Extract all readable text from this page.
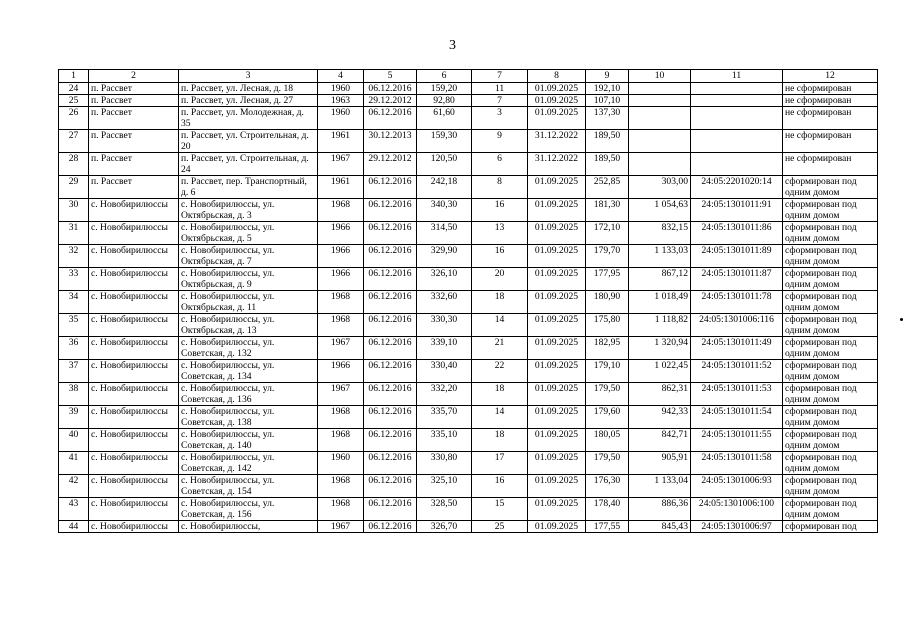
3
1	2	3	4	5	6	7	8	9	10	11	12
24	п. Рассвет	п. Рассвет, ул. Лесная, д. 18	1960	06.12.2016	159,20	11	01.09.2025	192,10			не сформирован
25	п. Рассвет	п. Рассвет, ул. Лесная, д. 27	1963	29.12.2012	92,80	7	01.09.2025	107,10			не сформирован
26	п. Рассвет	п. Рассвет, ул. Молодежная, д. 35	1960	06.12.2016	61,60	3	01.09.2025	137,30			не сформирован
27	п. Рассвет	п. Рассвет, ул. Строительная, д. 20	1961	30.12.2013	159,30	9	31.12.2022	189,50			не сформирован
28	п. Рассвет	п. Рассвет, ул. Строительная, д. 24	1967	29.12.2012	120,50	6	31.12.2022	189,50			не сформирован
29	п. Рассвет	п. Рассвет, пер. Транспортный, д. 6	1961	06.12.2016	242,18	8	01.09.2025	252,85	303,00	24:05:2201020:14	сформирован под одним домом
30	с. Новобирилюссы	с. Новобирилюссы, ул. Октябрьская, д. 3	1968	06.12.2016	340,30	16	01.09.2025	181,30	1 054,63	24:05:1301011:91	сформирован под одним домом
31	с. Новобирилюссы	с. Новобирилюссы, ул. Октябрьская, д. 5	1966	06.12.2016	314,50	13	01.09.2025	172,10	832,15	24:05:1301011:86	сформирован под одним домом
32	с. Новобирилюссы	с. Новобирилюссы, ул. Октябрьская, д. 7	1966	06.12.2016	329,90	16	01.09.2025	179,70	1 133,03	24:05:1301011:89	сформирован под одним домом
33	с. Новобирилюссы	с. Новобирилюссы, ул. Октябрьская, д. 9	1966	06.12.2016	326,10	20	01.09.2025	177,95	867,12	24:05:1301011:87	сформирован под одним домом
34	с. Новобирилюссы	с. Новобирилюссы, ул. Октябрьская, д. 11	1968	06.12.2016	332,60	18	01.09.2025	180,90	1 018,49	24:05:1301011:78	сформирован под одним домом
35	с. Новобирилюссы	с. Новобирилюссы, ул. Октябрьская, д. 13	1968	06.12.2016	330,30	14	01.09.2025	175,80	1 118,82	24:05:1301006:116	сформирован под одним домом
36	с. Новобирилюссы	с. Новобирилюссы, ул. Советская, д. 132	1967	06.12.2016	339,10	21	01.09.2025	182,95	1 320,94	24:05:1301011:49	сформирован под одним домом
37	с. Новобирилюссы	с. Новобирилюссы, ул. Советская, д. 134	1966	06.12.2016	330,40	22	01.09.2025	179,10	1 022,45	24:05:1301011:52	сформирован под одним домом
38	с. Новобирилюссы	с. Новобирилюссы, ул. Советская, д. 136	1967	06.12.2016	332,20	18	01.09.2025	179,50	862,31	24:05:1301011:53	сформирован под одним домом
39	с. Новобирилюссы	с. Новобирилюссы, ул. Советская, д. 138	1968	06.12.2016	335,70	14	01.09.2025	179,60	942,33	24:05:1301011:54	сформирован под одним домом
40	с. Новобирилюссы	с. Новобирилюссы, ул. Советская, д. 140	1968	06.12.2016	335,10	18	01.09.2025	180,05	842,71	24:05:1301011:55	сформирован под одним домом
41	с. Новобирилюссы	с. Новобирилюссы, ул. Советская, д. 142	1960	06.12.2016	330,80	17	01.09.2025	179,50	905,91	24:05:1301011:58	сформирован под одним домом
42	с. Новобирилюссы	с. Новобирилюссы, ул. Советская, д. 154	1968	06.12.2016	325,10	16	01.09.2025	176,30	1 133,04	24:05:1301006:93	сформирован под одним домом
43	с. Новобирилюссы	с. Новобирилюссы, ул. Советская, д. 156	1968	06.12.2016	328,50	15	01.09.2025	178,40	886,36	24:05:1301006:100	сформирован под одним домом
44	с. Новобирилюссы	с. Новобирилюссы,	1967	06.12.2016	326,70	25	01.09.2025	177,55	845,43	24:05:1301006:97	сформирован под
